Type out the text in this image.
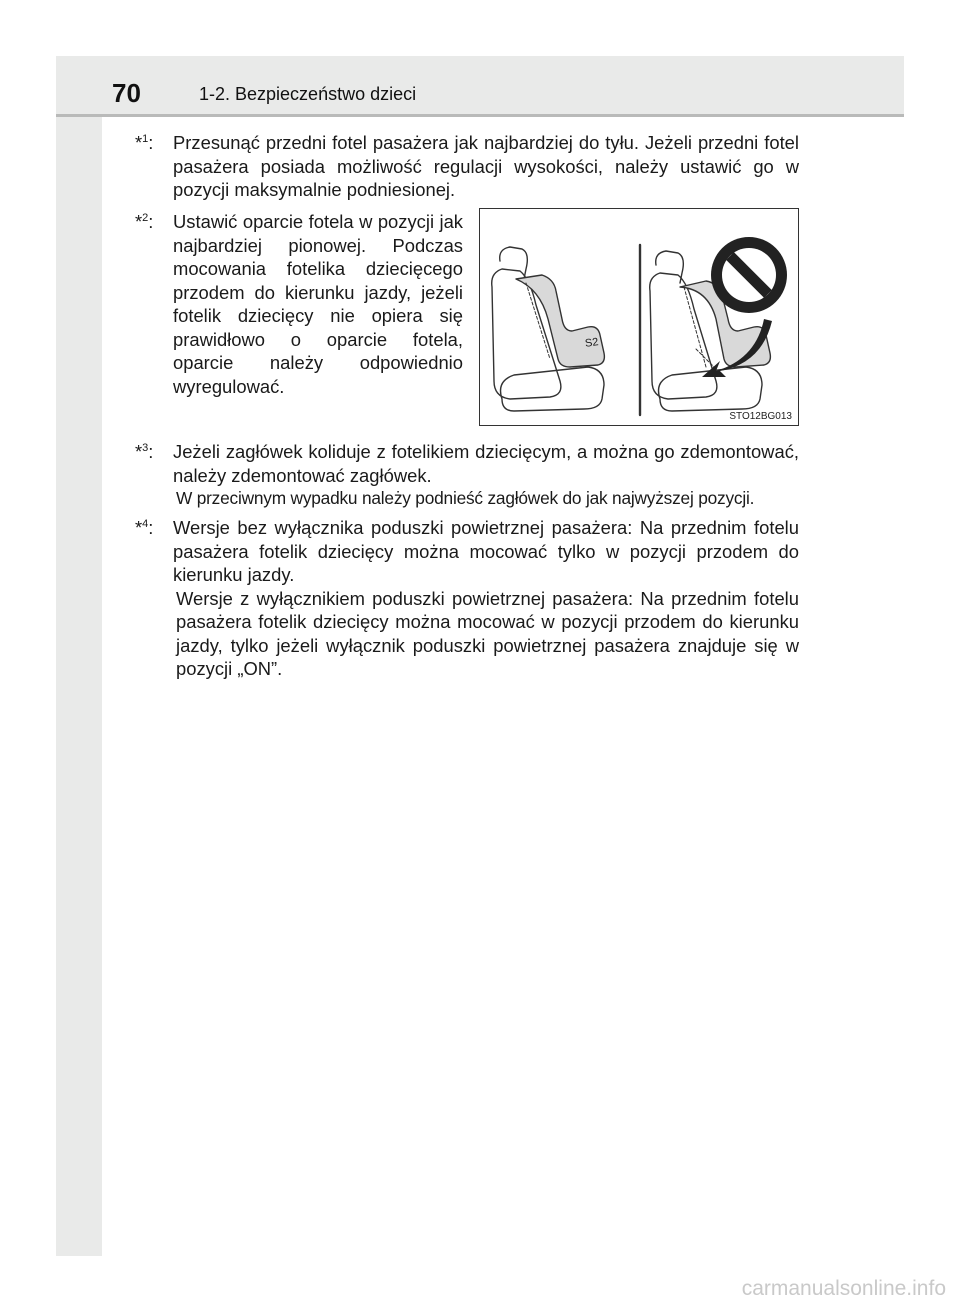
70	1-2. Bezpieczeństwo dzieci
*$^1$: Przesunąć przedni fotel pasażera jak najbardziej do tyłu. Jeżeli przedni fotel pasażera posiada możliwość regulacji wysokości, należy ustawić go w pozycji maksymalnie podniesionej.

*$^2$: Ustawić oparcie fotela w pozycji jak najbardziej pionowej. Podczas mocowania fotelika dziecięcego przodem do kierunku jazdy, jeżeli fotelik dziecięcy nie opiera się prawidłowo o oparcie fotela, oparcie należy odpowiednio wyregulować.

S2
STO12BG013
*$^3$: Jeżeli zagłówek koliduje z fotelikiem dziecięcym, a można go zdemontować, należy zdemontować zagłówek.

W przeciwnym wypadku należy podnieść zagłówek do jak najwyższej pozycji.

*$^4$: Wersje bez wyłącznika poduszki powietrznej pasażera: Na przednim fotelu pasażera fotelik dziecięcy można mocować tylko w pozycji przodem do kierunku jazdy.

Wersje z wyłącznikiem poduszki powietrznej pasażera: Na przednim fotelu pasażera fotelik dziecięcy można mocować w pozycji przodem do kierunku jazdy, tylko jeżeli wyłącznik poduszki powietrznej pasażera znajduje się w pozycji „ON”.

carmanualsonline.info
